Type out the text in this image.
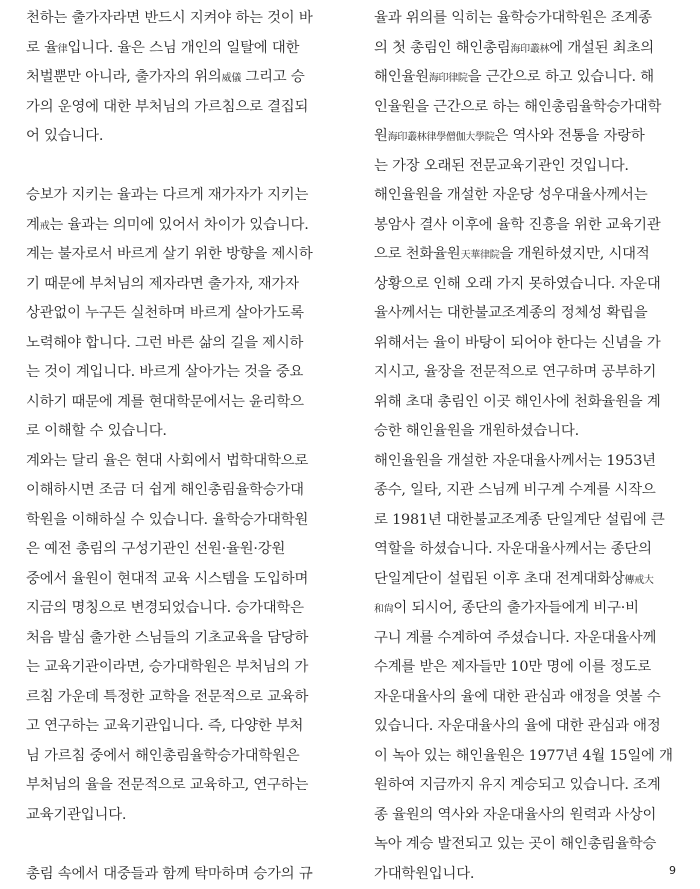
천하는 출가자라면 반드시 지켜야 하는 것이 바
로 율律입니다. 율은 스님 개인의 일탈에 대한
처벌뿐만 아니라, 출가자의 위의威儀 그리고 승
가의 운영에 대한 부처님의 가르침으로 결집되
어 있습니다.
승보가 지키는 율과는 다르게 재가자가 지키는
계戒는 율과는 의미에 있어서 차이가 있습니다.
계는 불자로서 바르게 살기 위한 방향을 제시하
기 때문에 부처님의 제자라면 출가자, 재가자
상관없이 누구든 실천하며 바르게 살아가도록
노력해야 합니다. 그런 바른 삶의 길을 제시하
는 것이 계입니다. 바르게 살아가는 것을 중요
시하기 때문에 계를 현대학문에서는 윤리학으
로 이해할 수 있습니다.
계와는 달리 율은 현대 사회에서 법학대학으로
이해하시면 조금 더 쉽게 해인총림율학승가대
학원을 이해하실 수 있습니다. 율학승가대학원
은 예전 총림의 구성기관인 선원·율원·강원
중에서 율원이 현대적 교육 시스템을 도입하며
지금의 명칭으로 변경되었습니다. 승가대학은
처음 발심 출가한 스님들의 기초교육을 담당하
는 교육기관이라면, 승가대학원은 부처님의 가
르침 가운데 특정한 교학을 전문적으로 교육하
고 연구하는 교육기관입니다. 즉, 다양한 부처
님 가르침 중에서 해인총림율학승가대학원은
부처님의 율을 전문적으로 교육하고, 연구하는
교육기관입니다.
총림 속에서 대중들과 함께 탁마하며 승가의 규
율과 위의를 익히는 율학승가대학원은 조계종
의 첫 총림인 해인총림海印叢林에 개설된 최초의
해인율원海印律院을 근간으로 하고 있습니다. 해
인율원을 근간으로 하는 해인총림율학승가대학
원海印叢林律學僧伽大學院은 역사와 전통을 자랑하
는 가장 오래된 전문교육기관인 것입니다.
해인율원을 개설한 자운당 성우대율사께서는
봉암사 결사 이후에 율학 진흥을 위한 교육기관
으로 천화율원天華律院을 개원하셨지만, 시대적
상황으로 인해 오래 가지 못하였습니다. 자운대
율사께서는 대한불교조계종의 정체성 확립을
위해서는 율이 바탕이 되어야 한다는 신념을 가
지시고, 율장을 전문적으로 연구하며 공부하기
위해 초대 총림인 이곳 해인사에 천화율원을 계
승한 해인율원을 개원하셨습니다.
해인율원을 개설한 자운대율사께서는 1953년
종수, 일타, 지관 스님께 비구계 수계를 시작으
로 1981년 대한불교조계종 단일계단 설립에 큰
역할을 하셨습니다. 자운대율사께서는 종단의
단일계단이 설립된 이후 초대 전계대화상傳戒大
和尙이 되시어, 종단의 출가자들에게 비구·비
구니 계를 수계하여 주셨습니다. 자운대율사께
수계를 받은 제자들만 10만 명에 이를 정도로
자운대율사의 율에 대한 관심과 애정을 엿볼 수
있습니다. 자운대율사의 율에 대한 관심과 애정
이 녹아 있는 해인율원은 1977년 4월 15일에 개
원하여 지금까지 유지 계승되고 있습니다. 조계
종 율원의 역사와 자운대율사의 원력과 사상이
녹아 계승 발전되고 있는 곳이 해인총림율학승
가대학원입니다.	9
